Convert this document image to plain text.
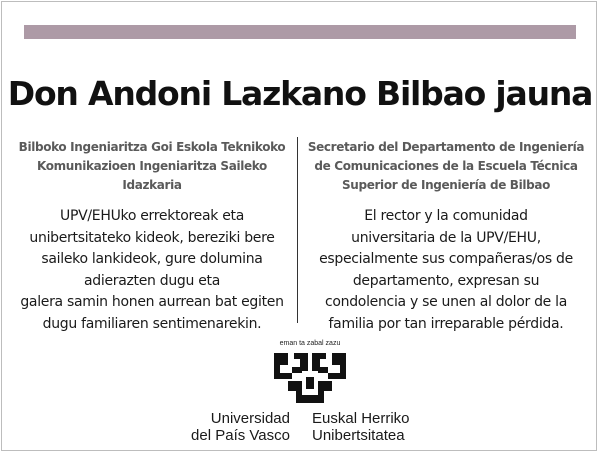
Don Andoni Lazkano Bilbao jauna
Bilboko Ingeniaritza Goi Eskola Teknikoko
Komunikazioen Ingeniaritza Saileko
Idazkaria
UPV/EHUko errektoreak eta
unibertsitateko kideok, bereziki bere
saileko lankideok, gure dolumina
adierazten dugu eta
galera samin honen aurrean bat egiten
dugu familiaren sentimenarekin.
Secretario del Departamento de Ingeniería
de Comunicaciones de la Escuela Técnica
Superior de Ingeniería de Bilbao
El rector y la comunidad
universitaria de la UPV/EHU,
especialmente sus compañeras/os de
departamento, expresan su
condolencia y se unen al dolor de la
familia por tan irreparable pérdida.
eman ta zabal zazu
Universidad
del País Vasco
Euskal Herriko
Unibertsitatea
